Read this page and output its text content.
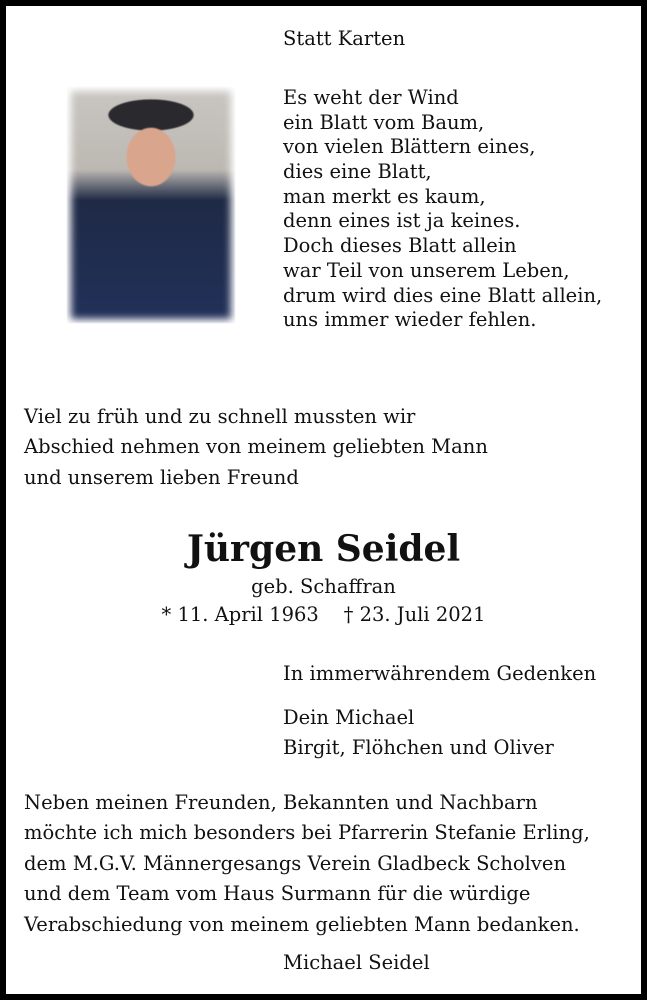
Statt Karten
Es weht der Wind
ein Blatt vom Baum,
von vielen Blättern eines,
dies eine Blatt,
man merkt es kaum,
denn eines ist ja keines.
Doch dieses Blatt allein
war Teil von unserem Leben,
drum wird dies eine Blatt allein,
uns immer wieder fehlen.
Viel zu früh und zu schnell mussten wir
Abschied nehmen von meinem geliebten Mann
und unserem lieben Freund
Jürgen Seidel
geb. Schaffran
* 11. April 1963 † 23. Juli 2021
In immerwährendem Gedenken
Dein Michael
Birgit, Flöhchen und Oliver
Neben meinen Freunden, Bekannten und Nachbarn
möchte ich mich besonders bei Pfarrerin Stefanie Erling,
dem M.G.V. Männergesangs Verein Gladbeck Scholven
und dem Team vom Haus Surmann für die würdige
Verabschiedung von meinem geliebten Mann bedanken.
Michael Seidel
